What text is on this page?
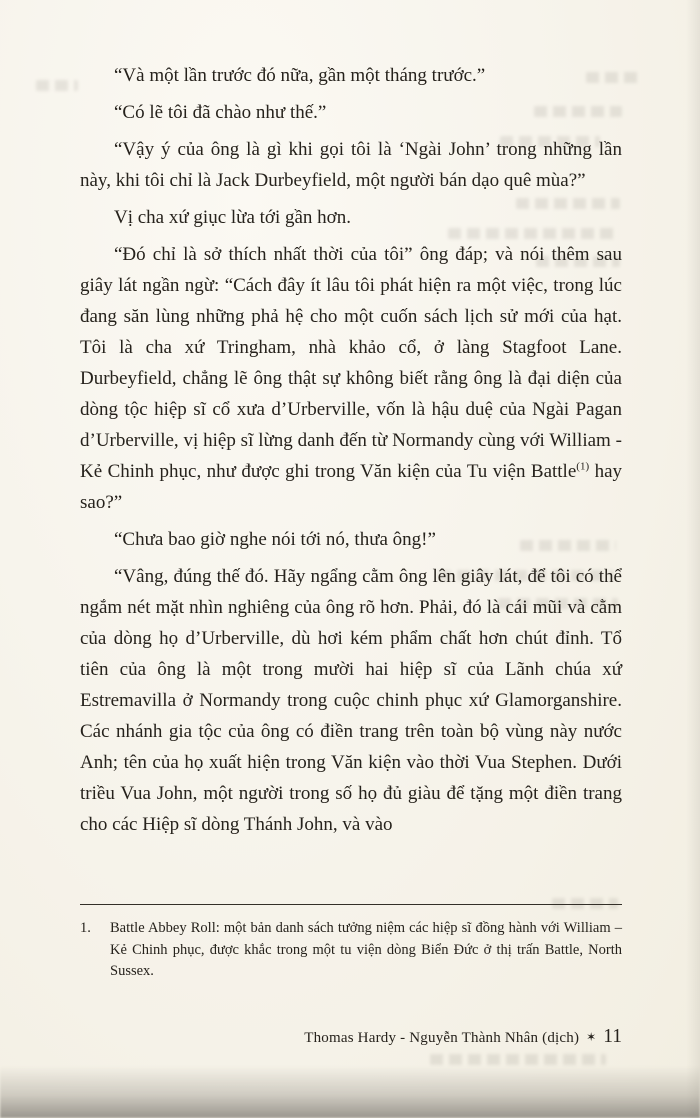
“Và một lần trước đó nữa, gần một tháng trước.”

“Có lẽ tôi đã chào như thế.”

“Vậy ý của ông là gì khi gọi tôi là ‘Ngài John’ trong những lần này, khi tôi chỉ là Jack Durbeyfield, một người bán dạo quê mùa?”

Vị cha xứ giục lừa tới gần hơn.

“Đó chỉ là sở thích nhất thời của tôi” ông đáp; và nói thêm sau giây lát ngần ngừ: “Cách đây ít lâu tôi phát hiện ra một việc, trong lúc đang săn lùng những phả hệ cho một cuốn sách lịch sử mới của hạt. Tôi là cha xứ Tringham, nhà khảo cổ, ở làng Stagfoot Lane. Durbeyfield, chẳng lẽ ông thật sự không biết rằng ông là đại diện của dòng tộc hiệp sĩ cổ xưa d’Urberville, vốn là hậu duệ của Ngài Pagan d’Urberville, vị hiệp sĩ lừng danh đến từ Normandy cùng với William - Kẻ Chinh phục, như được ghi trong Văn kiện của Tu viện Battle$^{(1)}$ hay sao?”

“Chưa bao giờ nghe nói tới nó, thưa ông!”

“Vâng, đúng thế đó. Hãy ngẩng cằm ông lên giây lát, để tôi có thể ngắm nét mặt nhìn nghiêng của ông rõ hơn. Phải, đó là cái mũi và cằm của dòng họ d’Urberville, dù hơi kém phẩm chất hơn chút đỉnh. Tổ tiên của ông là một trong mười hai hiệp sĩ của Lãnh chúa xứ Estremavilla ở Normandy trong cuộc chinh phục xứ Glamorganshire. Các nhánh gia tộc của ông có điền trang trên toàn bộ vùng này nước Anh; tên của họ xuất hiện trong Văn kiện vào thời Vua Stephen. Dưới triều Vua John, một người trong số họ đủ giàu để tặng một điền trang cho các Hiệp sĩ dòng Thánh John, và vào

1.	Battle Abbey Roll: một bản danh sách tưởng niệm các hiệp sĩ đồng hành với William – Kẻ Chinh phục, được khắc trong một tu viện dòng Biển Đức ở thị trấn Battle, North Sussex.
Thomas Hardy - Nguyễn Thành Nhân (dịch) ✶ 11
